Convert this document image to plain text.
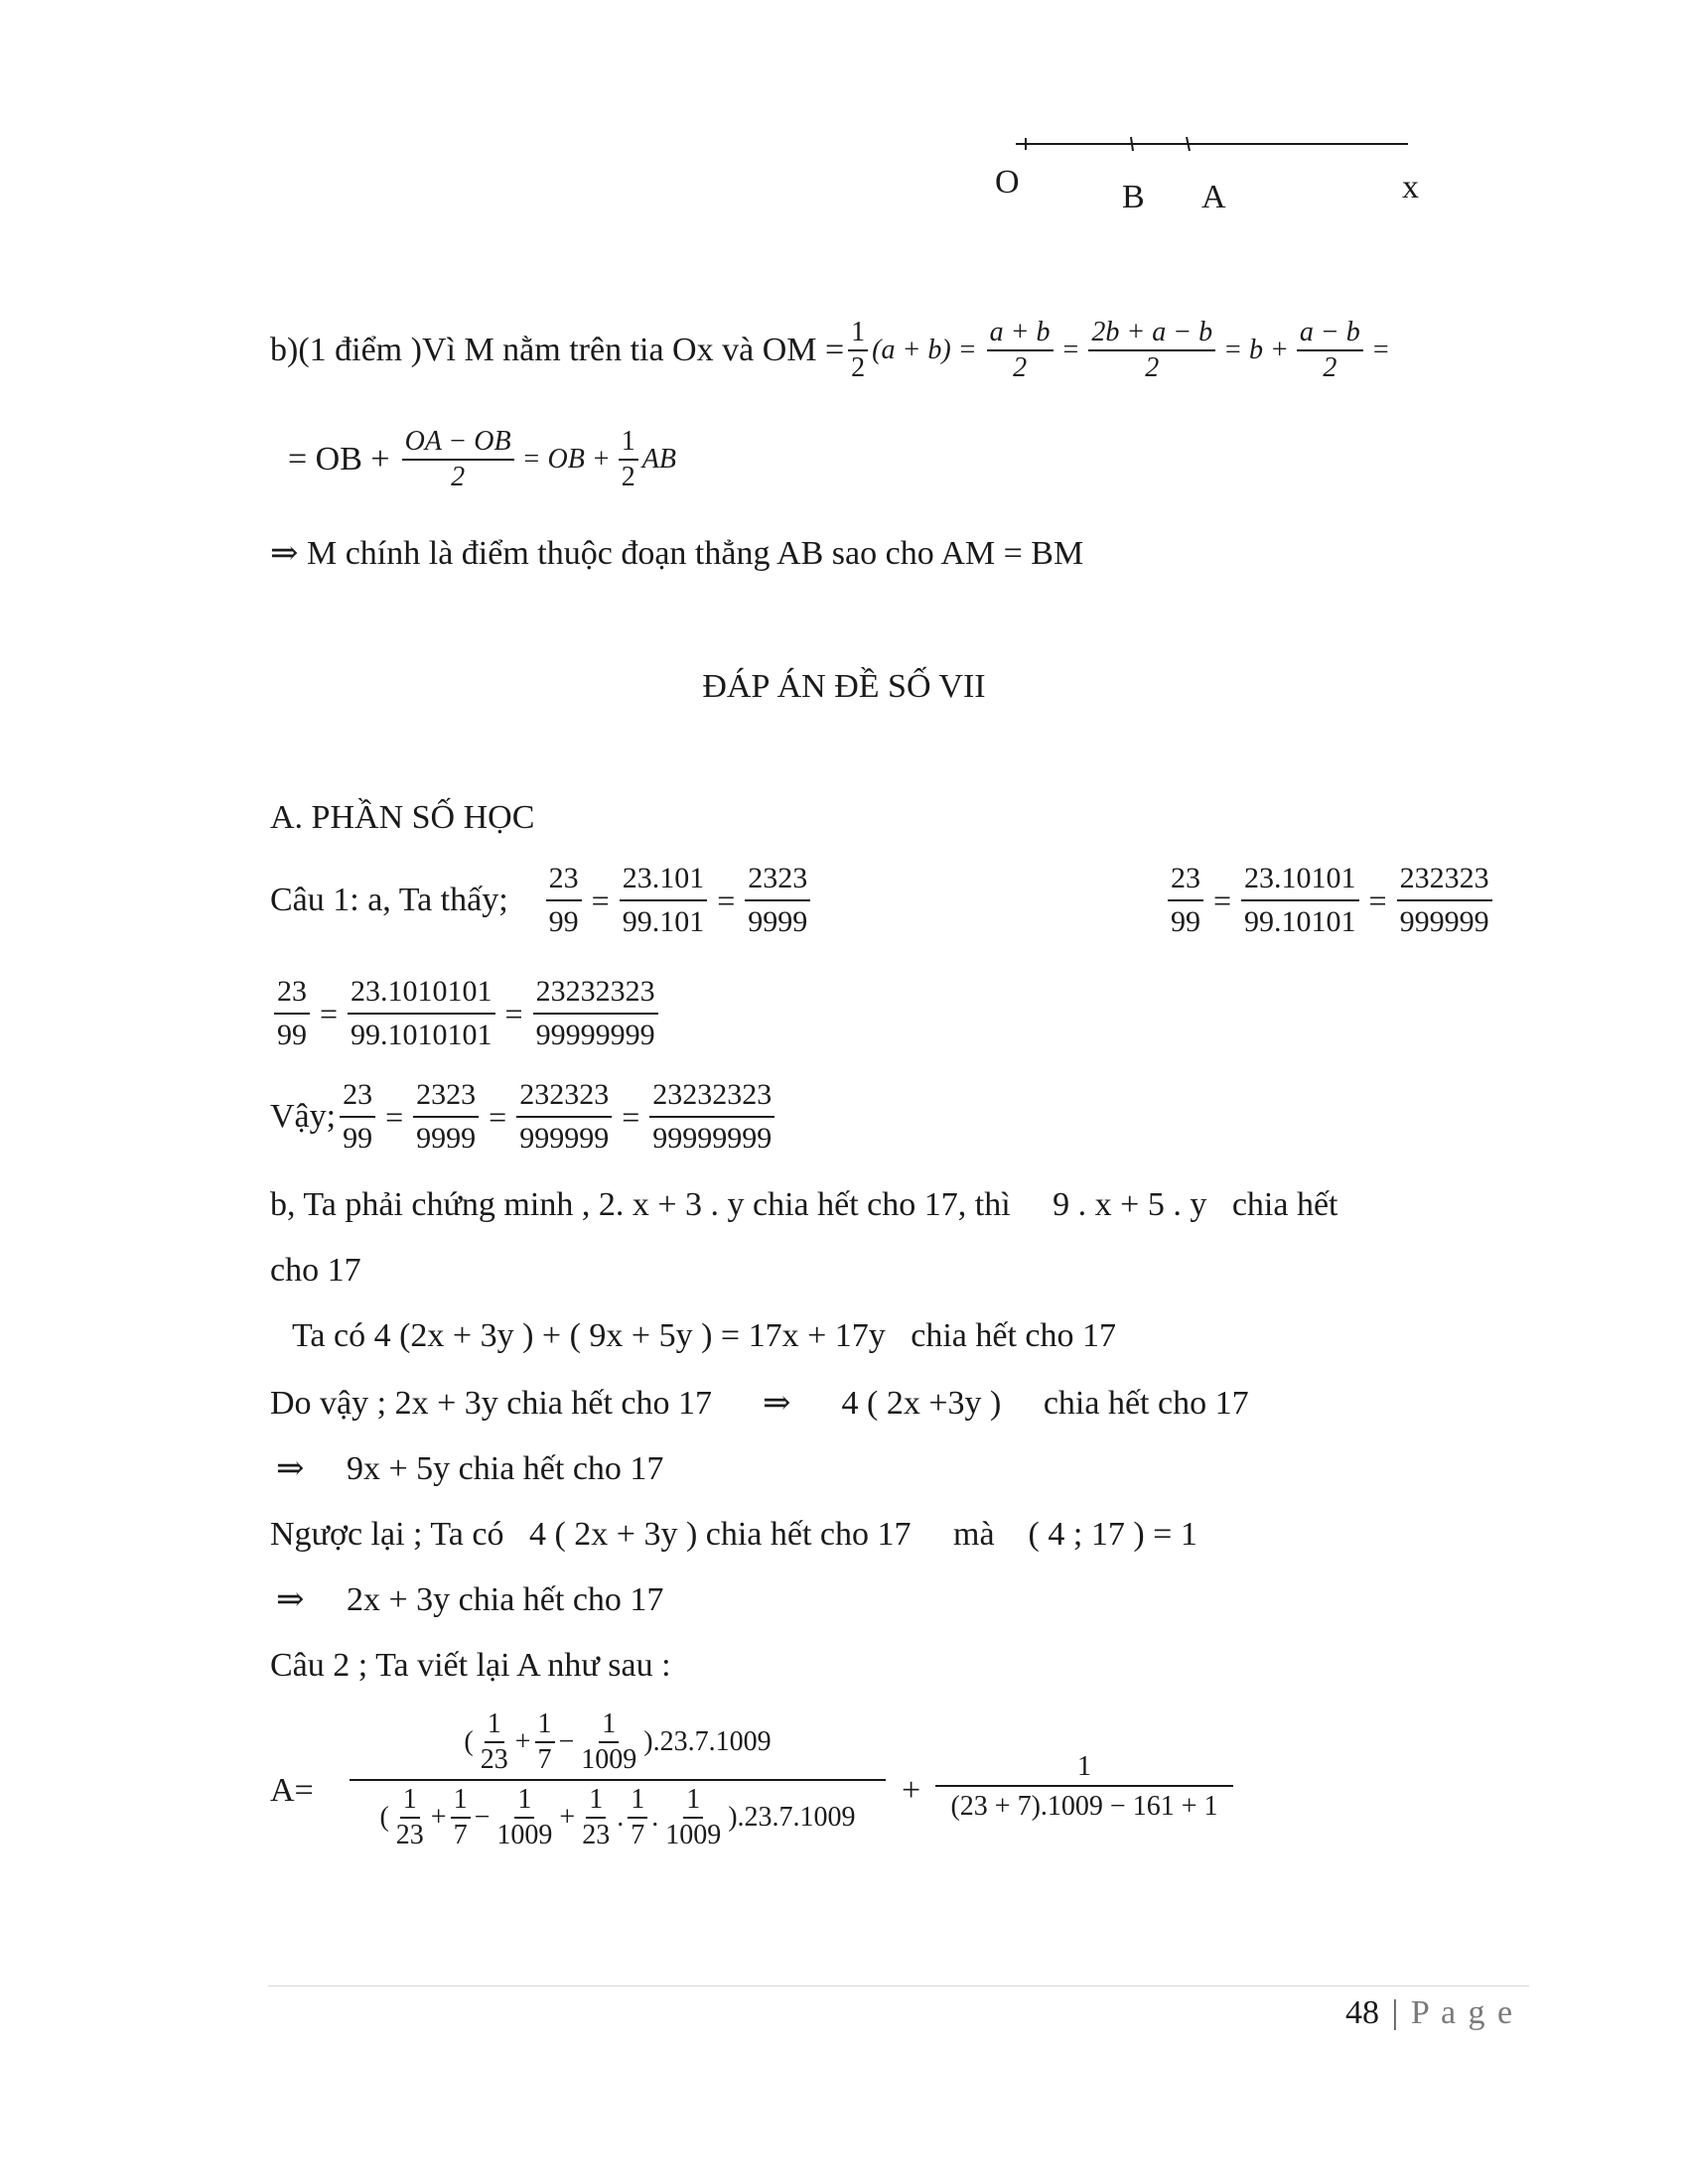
O	B A	x
b)(1 điểm )Vì M nằm trên tia Ox và OM = $\frac{1}{2} (a + b) = \frac{a + b}{2} = \frac{2b + a - b}{2} = b + \frac{a - b}{2}$ =
= OB + $\frac{OA - OB}{2}$ = OB + $\frac{1}{2}$ AB
⇒ M chính là điểm thuộc đoạn thẳng AB sao cho AM = BM
ĐÁP ÁN ĐỀ SỐ VII
A. PHẦN SỐ HỌC
Câu 1: a, Ta thấy; $\frac{23}{99} = \frac{23.101}{99.101} = \frac{2323}{9999}$	$\frac{23}{99} = \frac{23.10101}{99.10101} = \frac{232323}{999999}$
$\frac{23}{99} = \frac{23.1010101}{99.1010101} = \frac{23232323}{99999999}$
Vậy; $\frac{23}{99} = \frac{2323}{9999} = \frac{232323}{999999} = \frac{23232323}{99999999}$
b, Ta phải chứng minh , 2. x + 3 . y chia hết cho 17, thì     9 . x + 5 . y   chia hết
cho 17
Ta có 4 (2x + 3y ) + ( 9x + 5y ) = 17x + 17y   chia hết cho 17
Do vậy ; 2x + 3y chia hết cho 17      ⇒      4 ( 2x +3y )     chia hết cho 17
⇒     9x + 5y chia hết cho 17
Ngược lại ; Ta có   4 ( 2x + 3y ) chia hết cho 17     mà    ( 4 ; 17 ) = 1
⇒     2x + 3y chia hết cho 17
Câu 2 ; Ta viết lại A như sau :
A=
( $\frac{1}{23} + \frac{1}{7} - \frac{1}{1009} ).23.7.1009$
( $\frac{1}{23} + \frac{1}{7} - \frac{1}{1009} + \frac{1}{23}$ . $\frac{1}{7}$ . $\frac{1}{1009} ).23.7.1009$
+ $\frac{1}{(23 + 7).1009 - 161 + 1}$
48 | P a g e
